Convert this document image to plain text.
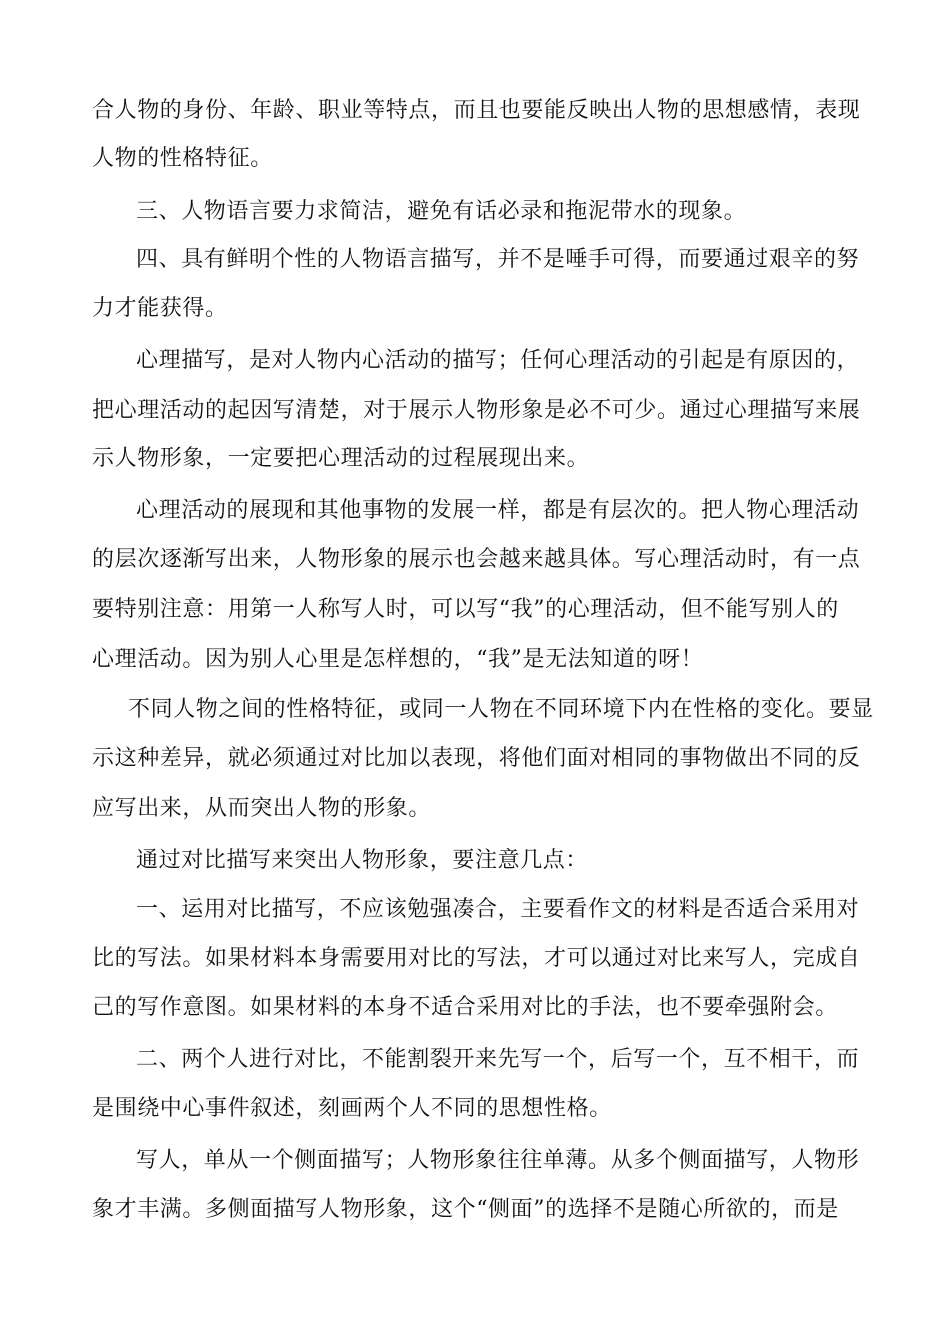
合人物的身份、年龄、职业等特点，而且也要能反映出人物的思想感情，表现
人物的性格特征。
三、人物语言要力求简洁，避免有话必录和拖泥带水的现象。
四、具有鲜明个性的人物语言描写，并不是唾手可得，而要通过艰辛的努
力才能获得。
心理描写，是对人物内心活动的描写；任何心理活动的引起是有原因的，
把心理活动的起因写清楚，对于展示人物形象是必不可少。通过心理描写来展
示人物形象，一定要把心理活动的过程展现出来。
心理活动的展现和其他事物的发展一样，都是有层次的。把人物心理活动
的层次逐渐写出来，人物形象的展示也会越来越具体。写心理活动时，有一点
要特别注意：用第一人称写人时，可以写“我”的心理活动，但不能写别人的
心理活动。因为别人心里是怎样想的，“我”是无法知道的呀！
不同人物之间的性格特征，或同一人物在不同环境下内在性格的变化。要显
示这种差异，就必须通过对比加以表现，将他们面对相同的事物做出不同的反
应写出来，从而突出人物的形象。
通过对比描写来突出人物形象，要注意几点：
一、运用对比描写，不应该勉强凑合，主要看作文的材料是否适合采用对
比的写法。如果材料本身需要用对比的写法，才可以通过对比来写人，完成自
己的写作意图。如果材料的本身不适合采用对比的手法，也不要牵强附会。
二、两个人进行对比，不能割裂开来先写一个，后写一个，互不相干，而
是围绕中心事件叙述，刻画两个人不同的思想性格。
写人，单从一个侧面描写；人物形象往往单薄。从多个侧面描写，人物形
象才丰满。多侧面描写人物形象，这个“侧面”的选择不是随心所欲的，而是
